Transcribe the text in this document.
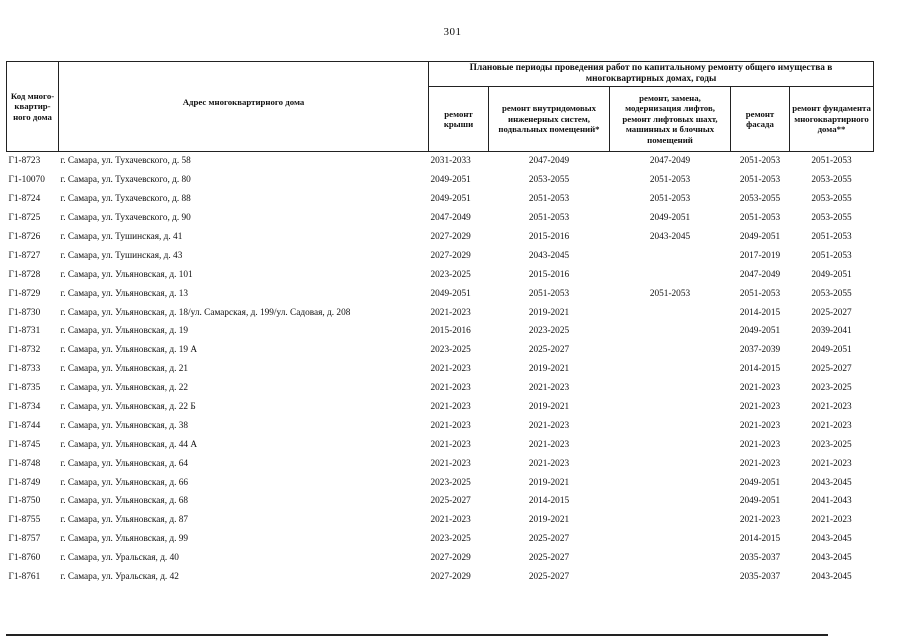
301
Код много-квартир-ного дома	Адрес многоквартирного дома	Плановые периоды проведения работ по капитальному ремонту общего имущества в многоквартирных домах, годы				
		ремонт крыши	ремонт внутридомовых инженерных систем, подвальных помещений*	ремонт, замена, модернизация лифтов, ремонт лифтовых шахт, машинных и блочных помещений	ремонт фасада	ремонт фундамента многоквартирного дома**
Г1-8723	г. Самара, ул. Тухачевского, д. 58	2031-2033	2047-2049	2047-2049	2051-2053	2051-2053
Г1-10070	г. Самара, ул. Тухачевского, д. 80	2049-2051	2053-2055	2051-2053	2051-2053	2053-2055
Г1-8724	г. Самара, ул. Тухачевского, д. 88	2049-2051	2051-2053	2051-2053	2053-2055	2053-2055
Г1-8725	г. Самара, ул. Тухачевского, д. 90	2047-2049	2051-2053	2049-2051	2051-2053	2053-2055
Г1-8726	г. Самара, ул. Тушинская, д. 41	2027-2029	2015-2016	2043-2045	2049-2051	2051-2053
Г1-8727	г. Самара, ул. Тушинская, д. 43	2027-2029	2043-2045		2017-2019	2051-2053
Г1-8728	г. Самара, ул. Ульяновская, д. 101	2023-2025	2015-2016		2047-2049	2049-2051
Г1-8729	г. Самара, ул. Ульяновская, д. 13	2049-2051	2051-2053	2051-2053	2051-2053	2053-2055
Г1-8730	г. Самара, ул. Ульяновская, д. 18/ул. Самарская, д. 199/ул. Садовая, д. 208	2021-2023	2019-2021		2014-2015	2025-2027
Г1-8731	г. Самара, ул. Ульяновская, д. 19	2015-2016	2023-2025		2049-2051	2039-2041
Г1-8732	г. Самара, ул. Ульяновская, д. 19 А	2023-2025	2025-2027		2037-2039	2049-2051
Г1-8733	г. Самара, ул. Ульяновская, д. 21	2021-2023	2019-2021		2014-2015	2025-2027
Г1-8735	г. Самара, ул. Ульяновская, д. 22	2021-2023	2021-2023		2021-2023	2023-2025
Г1-8734	г. Самара, ул. Ульяновская, д. 22 Б	2021-2023	2019-2021		2021-2023	2021-2023
Г1-8744	г. Самара, ул. Ульяновская, д. 38	2021-2023	2021-2023		2021-2023	2021-2023
Г1-8745	г. Самара, ул. Ульяновская, д. 44 А	2021-2023	2021-2023		2021-2023	2023-2025
Г1-8748	г. Самара, ул. Ульяновская, д. 64	2021-2023	2021-2023		2021-2023	2021-2023
Г1-8749	г. Самара, ул. Ульяновская, д. 66	2023-2025	2019-2021		2049-2051	2043-2045
Г1-8750	г. Самара, ул. Ульяновская, д. 68	2025-2027	2014-2015		2049-2051	2041-2043
Г1-8755	г. Самара, ул. Ульяновская, д. 87	2021-2023	2019-2021		2021-2023	2021-2023
Г1-8757	г. Самара, ул. Ульяновская, д. 99	2023-2025	2025-2027		2014-2015	2043-2045
Г1-8760	г. Самара, ул. Уральская, д. 40	2027-2029	2025-2027		2035-2037	2043-2045
Г1-8761	г. Самара, ул. Уральская, д. 42	2027-2029	2025-2027		2035-2037	2043-2045
